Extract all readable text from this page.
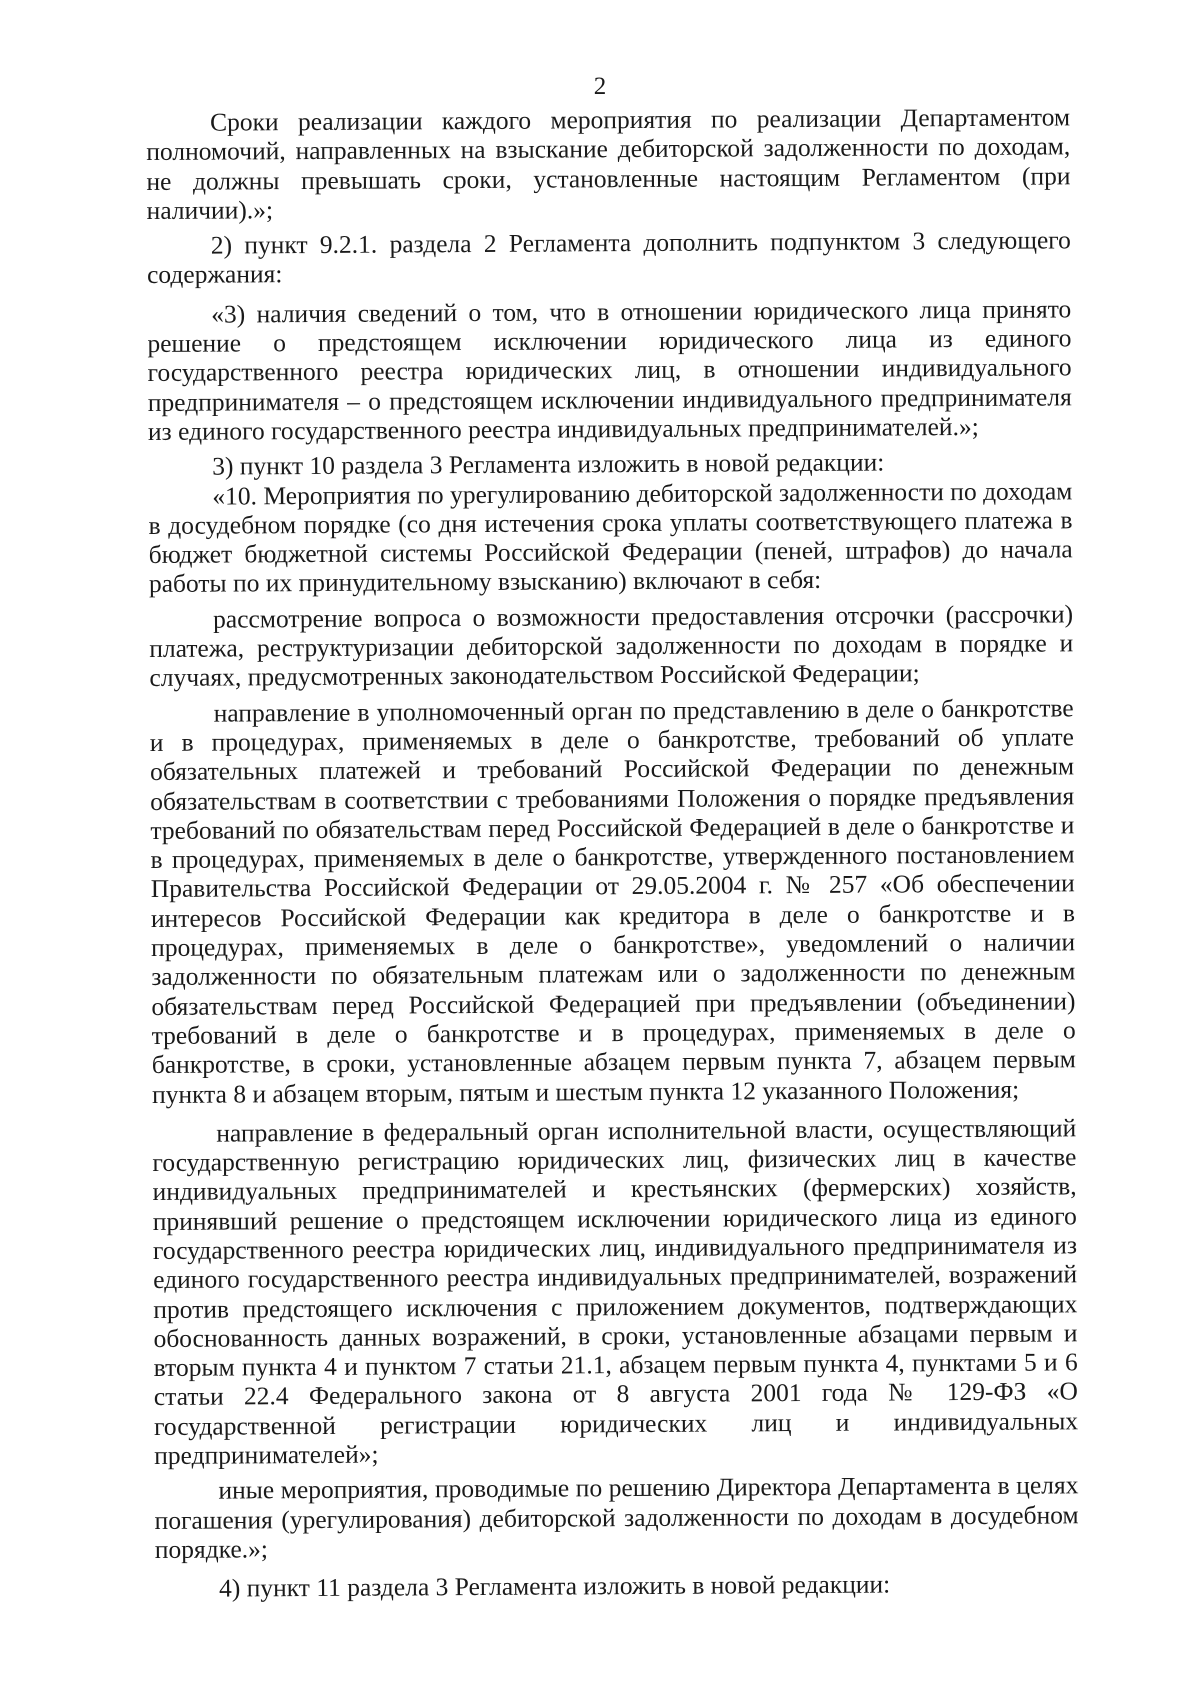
2

Сроки реализации каждого мероприятия по реализации Департаментом полномочий, направленных на взыскание дебиторской задолженности по доходам, не должны превышать сроки, установленные настоящим Регламентом (при наличии).»;

2) пункт 9.2.1. раздела 2 Регламента дополнить подпунктом 3 следующего содержания:

«3) наличия сведений о том, что в отношении юридического лица принято решение о предстоящем исключении юридического лица из единого государственного реестра юридических лиц, в отношении индивидуального предпринимателя – о предстоящем исключении индивидуального предпринимателя из единого государственного реестра индивидуальных предпринимателей.»;

3) пункт 10 раздела 3 Регламента изложить в новой редакции:

«10. Мероприятия по урегулированию дебиторской задолженности по доходам в досудебном порядке (со дня истечения срока уплаты соответствующего платежа в бюджет бюджетной системы Российской Федерации (пеней, штрафов) до начала работы по их принудительному взысканию) включают в себя:

рассмотрение вопроса о возможности предоставления отсрочки (рассрочки) платежа, реструктуризации дебиторской задолженности по доходам в порядке и случаях, предусмотренных законодательством Российской Федерации;

направление в уполномоченный орган по представлению в деле о банкротстве и в процедурах, применяемых в деле о банкротстве, требований об уплате обязательных платежей и требований Российской Федерации по денежным обязательствам в соответствии с требованиями Положения о порядке предъявления требований по обязательствам перед Российской Федерацией в деле о банкротстве и в процедурах, применяемых в деле о банкротстве, утвержденного постановлением Правительства Российской Федерации от 29.05.2004 г. № 257 «Об обеспечении интересов Российской Федерации как кредитора в деле о банкротстве и в процедурах, применяемых в деле о банкротстве», уведомлений о наличии задолженности по обязательным платежам или о задолженности по денежным обязательствам перед Российской Федерацией при предъявлении (объединении) требований в деле о банкротстве и в процедурах, применяемых в деле о банкротстве, в сроки, установленные абзацем первым пункта 7, абзацем первым пункта 8 и абзацем вторым, пятым и шестым пункта 12 указанного Положения;

направление в федеральный орган исполнительной власти, осуществляющий государственную регистрацию юридических лиц, физических лиц в качестве индивидуальных предпринимателей и крестьянских (фермерских) хозяйств, принявший решение о предстоящем исключении юридического лица из единого государственного реестра юридических лиц, индивидуального предпринимателя из единого государственного реестра индивидуальных предпринимателей, возражений против предстоящего исключения с приложением документов, подтверждающих обоснованность данных возражений, в сроки, установленные абзацами первым и вторым пункта 4 и пунктом 7 статьи 21.1, абзацем первым пункта 4, пунктами 5 и 6 статьи 22.4 Федерального закона от 8 августа 2001 года № 129-ФЗ «О государственной регистрации юридических лиц и индивидуальных предпринимателей»;

иные мероприятия, проводимые по решению Директора Департамента в целях погашения (урегулирования) дебиторской задолженности по доходам в досудебном порядке.»;

4) пункт 11 раздела 3 Регламента изложить в новой редакции:
